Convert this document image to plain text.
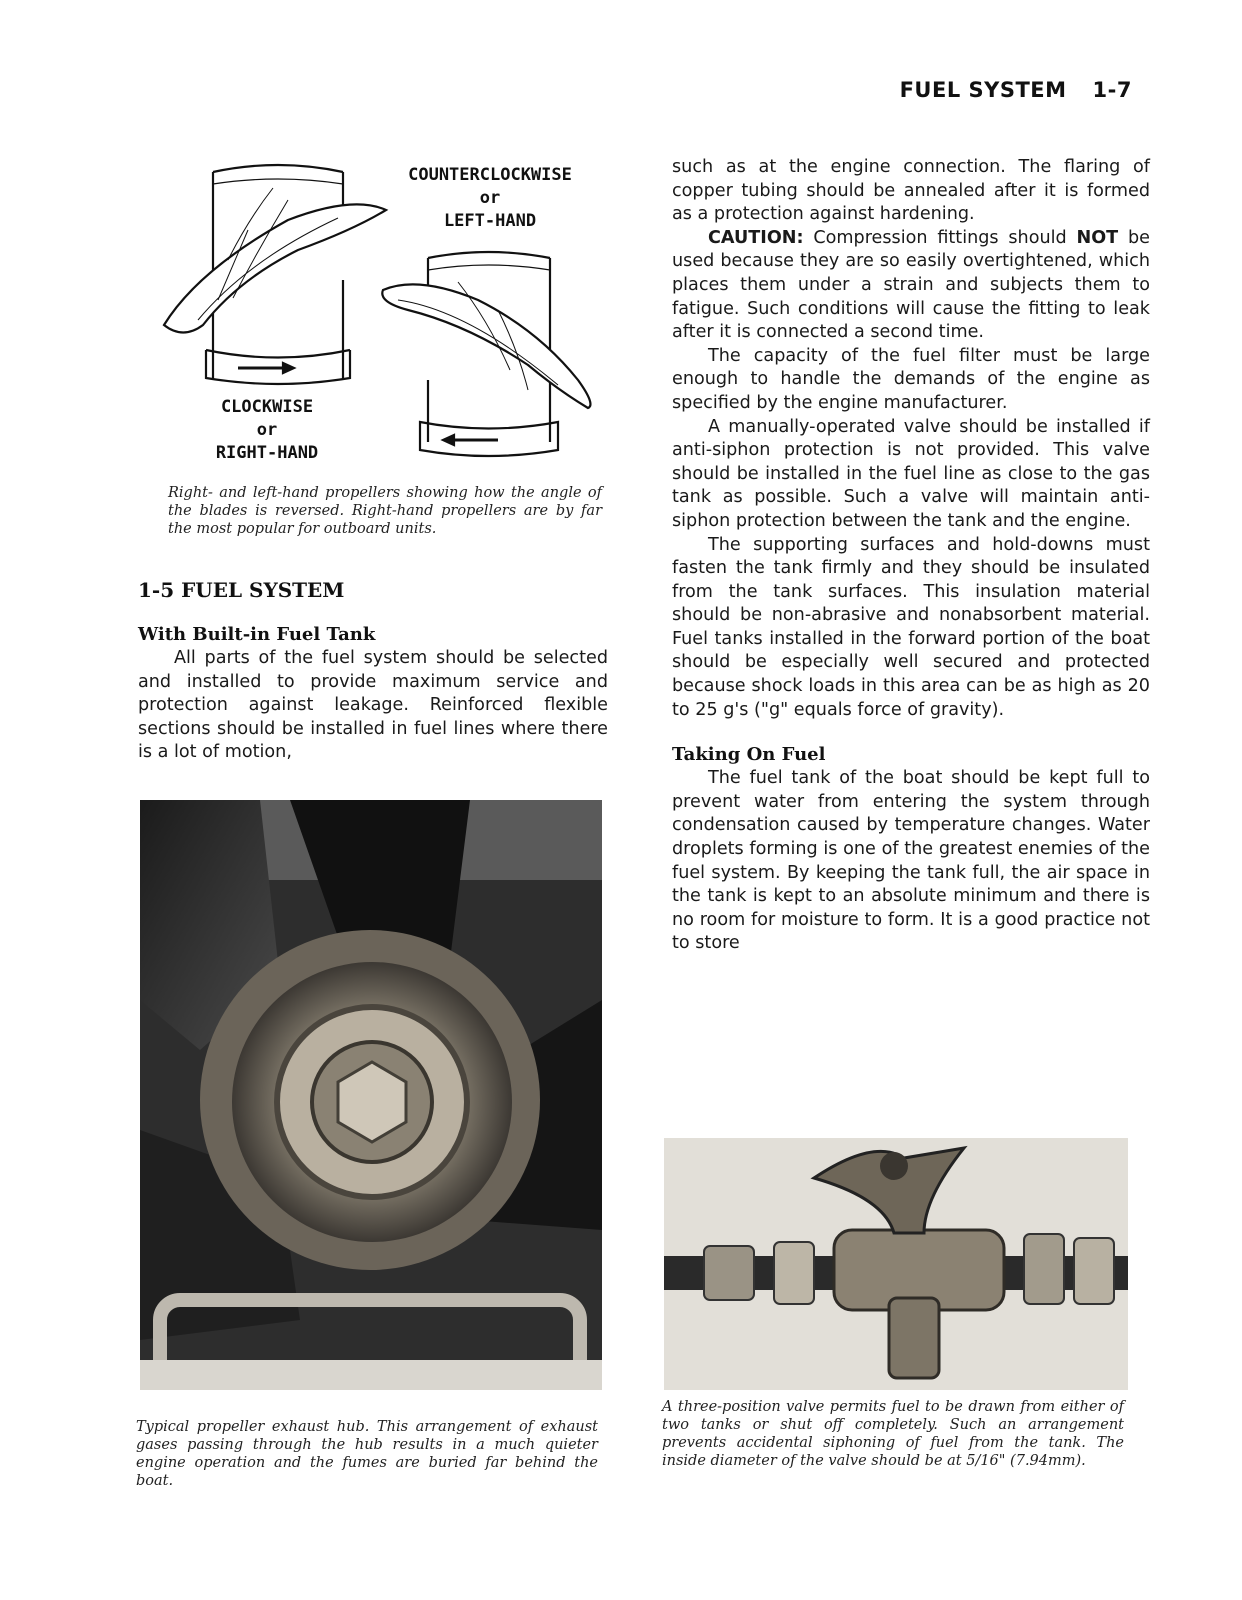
FUEL SYSTEM 1-7
COUNTERCLOCKWISE
or
LEFT-HAND
CLOCKWISE
or
RIGHT-HAND
Right- and left-hand propellers showing how the angle of the blades is reversed. Right-hand propellers are by far the most popular for outboard units.
1-5 FUEL SYSTEM
With Built-in Fuel Tank

All parts of the fuel system should be selected and installed to provide maximum service and protection against leakage. Reinforced flexible sections should be installed in fuel lines where there is a lot of motion,

Typical propeller exhaust hub. This arrangement of exhaust gases passing through the hub results in a much quieter engine operation and the fumes are buried far behind the boat.

such as at the engine connection. The flaring of copper tubing should be annealed after it is formed as a protection against hardening.

CAUTION: Compression fittings should NOT be used because they are so easily overtightened, which places them under a strain and subjects them to fatigue. Such conditions will cause the fitting to leak after it is connected a second time.

The capacity of the fuel filter must be large enough to handle the demands of the engine as specified by the engine manufacturer.

A manually-operated valve should be installed if anti-siphon protection is not provided. This valve should be installed in the fuel line as close to the gas tank as possible. Such a valve will maintain anti-siphon protection between the tank and the engine.

The supporting surfaces and hold-downs must fasten the tank firmly and they should be insulated from the tank surfaces. This insulation material should be non-abrasive and nonabsorbent material. Fuel tanks installed in the forward portion of the boat should be especially well secured and protected because shock loads in this area can be as high as 20 to 25 g's ("g" equals force of gravity).

Taking On Fuel

The fuel tank of the boat should be kept full to prevent water from entering the system through condensation caused by temperature changes. Water droplets forming is one of the greatest enemies of the fuel system. By keeping the tank full, the air space in the tank is kept to an absolute minimum and there is no room for moisture to form. It is a good practice not to store

A three-position valve permits fuel to be drawn from either of two tanks or shut off completely. Such an arrangement prevents accidental siphoning of fuel from the tank. The inside diameter of the valve should be at 5/16" (7.94mm).
